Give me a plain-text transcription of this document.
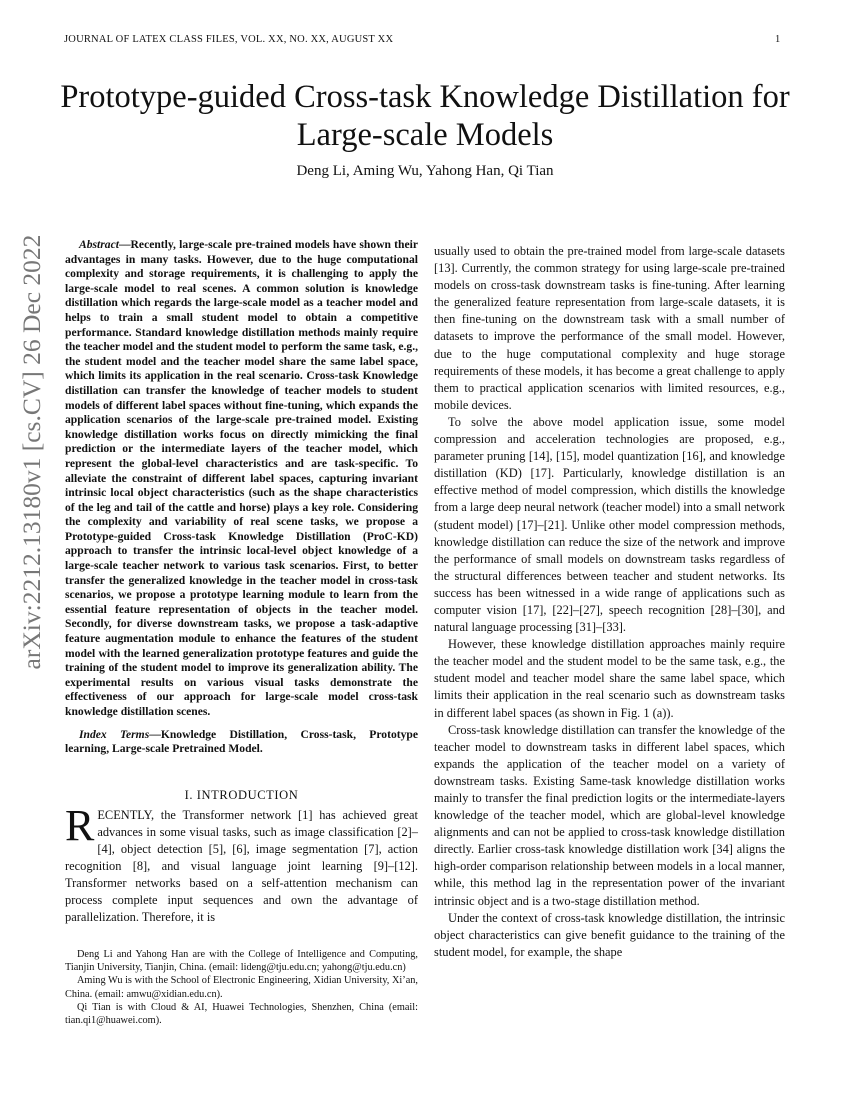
JOURNAL OF LATEX CLASS FILES, VOL. XX, NO. XX, AUGUST XX	1
Prototype-guided Cross-task Knowledge Distillation for Large-scale Models
Deng Li, Aming Wu, Yahong Han, Qi Tian
arXiv:2212.13180v1 [cs.CV] 26 Dec 2022	Abstract—Recently, large-scale pre-trained models have shown their advantages in many tasks. However, due to the huge computational complexity and storage requirements, it is challenging to apply the large-scale model to real scenes. A common solution is knowledge distillation which regards the large-scale model as a teacher model and helps to train a small student model to obtain a competitive performance. Standard knowledge distillation methods mainly require the teacher model and the student model to perform the same task, e.g., the student model and the teacher model share the same label space, which limits its application in the real scenario. Cross-task Knowledge distillation can transfer the knowledge of teacher models to student models of different label spaces without fine-tuning, which expands the application scenarios of the large-scale pre-trained model. Existing knowledge distillation works focus on directly mimicking the final prediction or the intermediate layers of the teacher model, which represent the global-level characteristics and are task-specific. To alleviate the constraint of different label spaces, capturing invariant intrinsic local object characteristics (such as the shape characteristics of the leg and tail of the cattle and horse) plays a key role. Considering the complexity and variability of real scene tasks, we propose a Prototype-guided Cross-task Knowledge Distillation (ProC-KD) approach to transfer the intrinsic local-level object knowledge of a large-scale teacher network to various task scenarios. First, to better transfer the generalized knowledge in the teacher model in cross-task scenarios, we propose a prototype learning module to learn from the essential feature representation of objects in the teacher model. Secondly, for diverse downstream tasks, we propose a task-adaptive feature augmentation module to enhance the features of the student model with the learned generalization prototype features and guide the training of the student model to improve its generalization ability. The experimental results on various visual tasks demonstrate the effectiveness of our approach for large-scale model cross-task knowledge distillation scenes.

Index Terms—Knowledge Distillation, Cross-task, Prototype learning, Large-scale Pretrained Model.

I. INTRODUCTION

RECENTLY, the Transformer network [1] has achieved great advances in some visual tasks, such as image classification [2]–[4], object detection [5], [6], image segmentation [7], action recognition [8], and visual language joint learning [9]–[12]. Transformer networks based on a self-attention mechanism can process complete input sequences and own the advantage of parallelization. Therefore, it is

Deng Li and Yahong Han are with the College of Intelligence and Computing, Tianjin University, Tianjin, China. (email: lideng@tju.edu.cn; yahong@tju.edu.cn)

Aming Wu is with the School of Electronic Engineering, Xidian University, Xi’an, China. (email: amwu@xidian.edu.cn).

Qi Tian is with Cloud & AI, Huawei Technologies, Shenzhen, China (email: tian.qi1@huawei.com).

usually used to obtain the pre-trained model from large-scale datasets [13]. Currently, the common strategy for using large-scale pre-trained models on cross-task downstream tasks is fine-tuning. After learning the generalized feature representation from large-scale datasets, it is then fine-tuning on the downstream task with a small number of datasets to improve the performance of the small model. However, due to the huge computational complexity and huge storage requirements of these models, it has become a great challenge to apply them to practical application scenarios with limited resources, e.g., mobile devices.

To solve the above model application issue, some model compression and acceleration technologies are proposed, e.g., parameter pruning [14], [15], model quantization [16], and knowledge distillation (KD) [17]. Particularly, knowledge distillation is an effective method of model compression, which distills the knowledge from a large deep neural network (teacher model) into a small network (student model) [17]–[21]. Unlike other model compression methods, knowledge distillation can reduce the size of the network and improve the performance of small models on downstream tasks regardless of the structural differences between teacher and student networks. Its success has been witnessed in a wide range of applications such as computer vision [17], [22]–[27], speech recognition [28]–[30], and natural language processing [31]–[33].

However, these knowledge distillation approaches mainly require the teacher model and the student model to be the same task, e.g., the student model and teacher model share the same label space, which limits their application in the real scenario such as downstream tasks in different label spaces (as shown in Fig. 1 (a)).

Cross-task knowledge distillation can transfer the knowledge of the teacher model to downstream tasks in different label spaces, which expands the application of the teacher model on a variety of downstream tasks. Existing Same-task knowledge distillation works mainly to transfer the final prediction logits or the intermediate-layers knowledge of the teacher model, which are global-level knowledge alignments and can not be applied to cross-task knowledge distillation directly. Earlier cross-task knowledge distillation work [34] aligns the high-order comparison relationship between models in a local manner, while, this method lag in the representation power of the invariant intrinsic object and is a two-stage distillation method.

Under the context of cross-task knowledge distillation, the intrinsic object characteristics can give benefit guidance to the training of the student model, for example, the shape
